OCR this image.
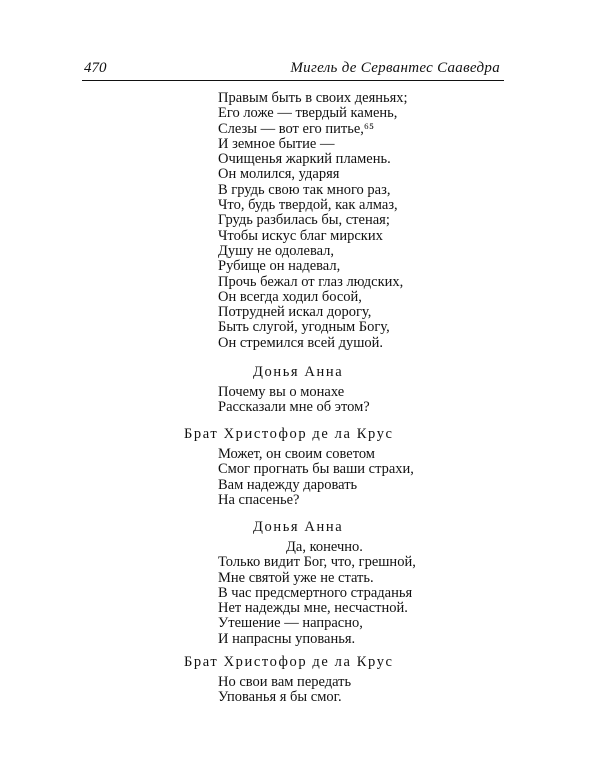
470	Мигель де Сервантес Сааведра
Правым быть в своих деяньях;
Его ложе — твердый камень,
Слезы — вот его питье,⁶⁵
И земное бытие —
Очищенья жаркий пламень.
Он молился, ударяя
В грудь свою так много раз,
Что, будь твердой, как алмаз,
Грудь разбилась бы, стеная;
Чтобы искус благ мирских
Душу не одолевал,
Рубище он надевал,
Прочь бежал от глаз людских,
Он всегда ходил босой,
Потрудней искал дорогу,
Быть слугой, угодным Богу,
Он стремился всей душой.
Донья Анна
Почему вы о монахе
Рассказали мне об этом?
Брат Христофор де ла Крус
Может, он своим советом
Смог прогнать бы ваши страхи,
Вам надежду даровать
На спасенье?
Донья Анна
Да, конечно.
Только видит Бог, что, грешной,
Мне святой уже не стать.
В час предсмертного страданья
Нет надежды мне, несчастной.
Утешение — напрасно,
И напрасны упованья.
Брат Христофор де ла Крус
Но свои вам передать
Упованья я бы смог.
